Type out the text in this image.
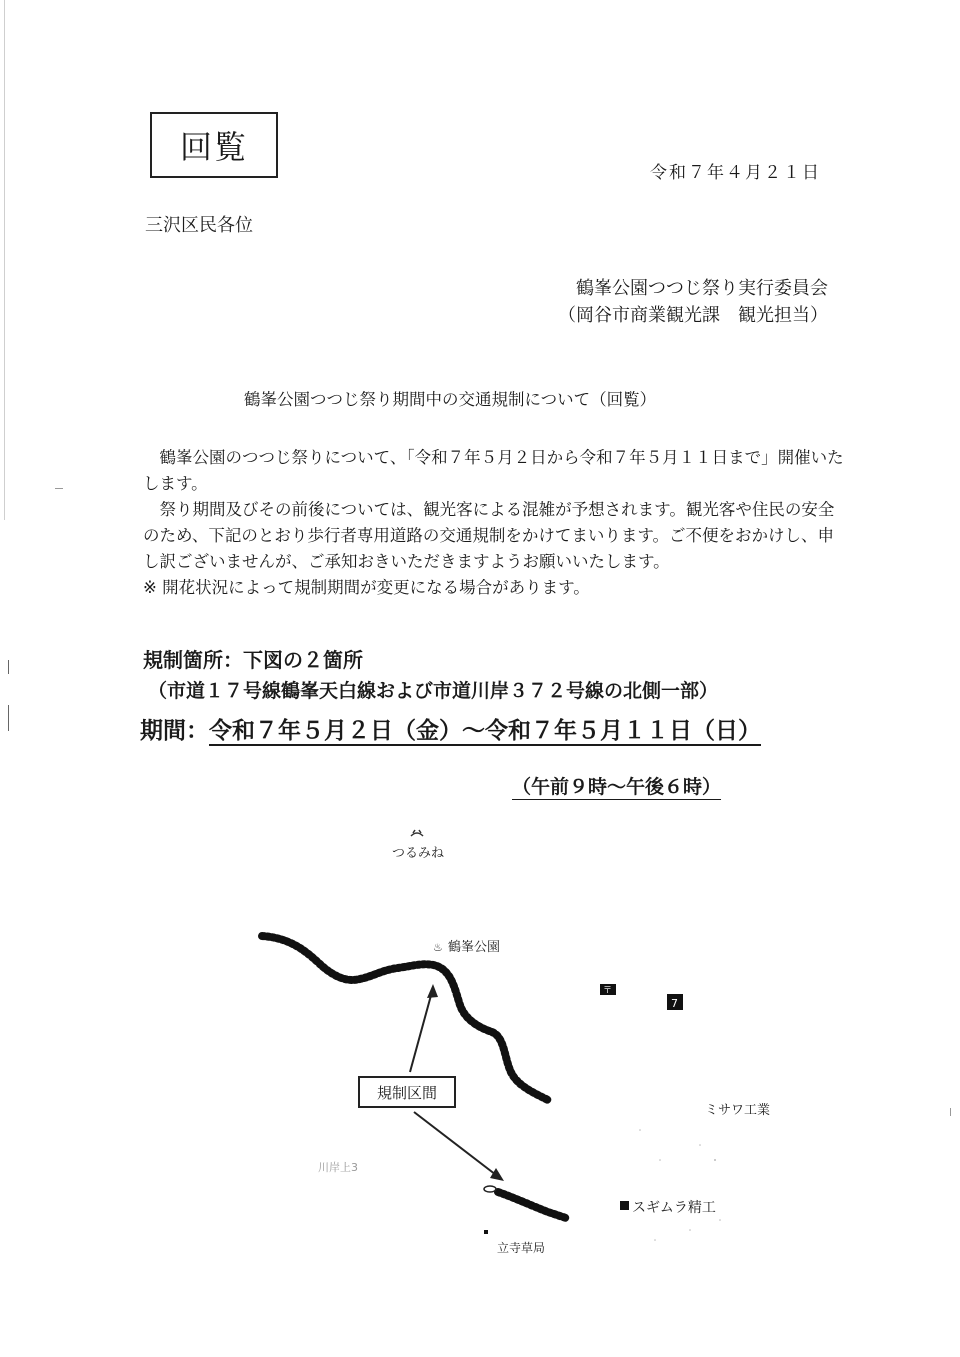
回覧
令和７年４月２１日
三沢区民各位
鶴峯公園つつじ祭り実行委員会
（岡谷市商業観光課　観光担当）
鶴峯公園つつじ祭り期間中の交通規制について（回覧）

鶴峯公園のつつじ祭りについて、「令和７年５月２日から令和７年５月１１日まで」開催いたします。

祭り期間及びその前後については、観光客による混雑が予想されます。観光客や住民の安全のため、下記のとおり歩行者専用道路の交通規制をかけてまいります。ご不便をおかけし、申し訳ございませんが、ご承知おきいただきますようお願いいたします。

※ 開花状況によって規制期間が変更になる場合があります。

規制箇所：下図の２箇所
（市道１７号線鶴峯天白線および市道川岸３７２号線の北側一部）
期間：令和７年５月２日（金）～令和７年５月１１日（日）
（午前９時～午後６時）
つるみね
♨ 鶴峯公園
〒
7
ミサワ工業
スギムラ精工
川岸上3
立寺草局
規制区間
